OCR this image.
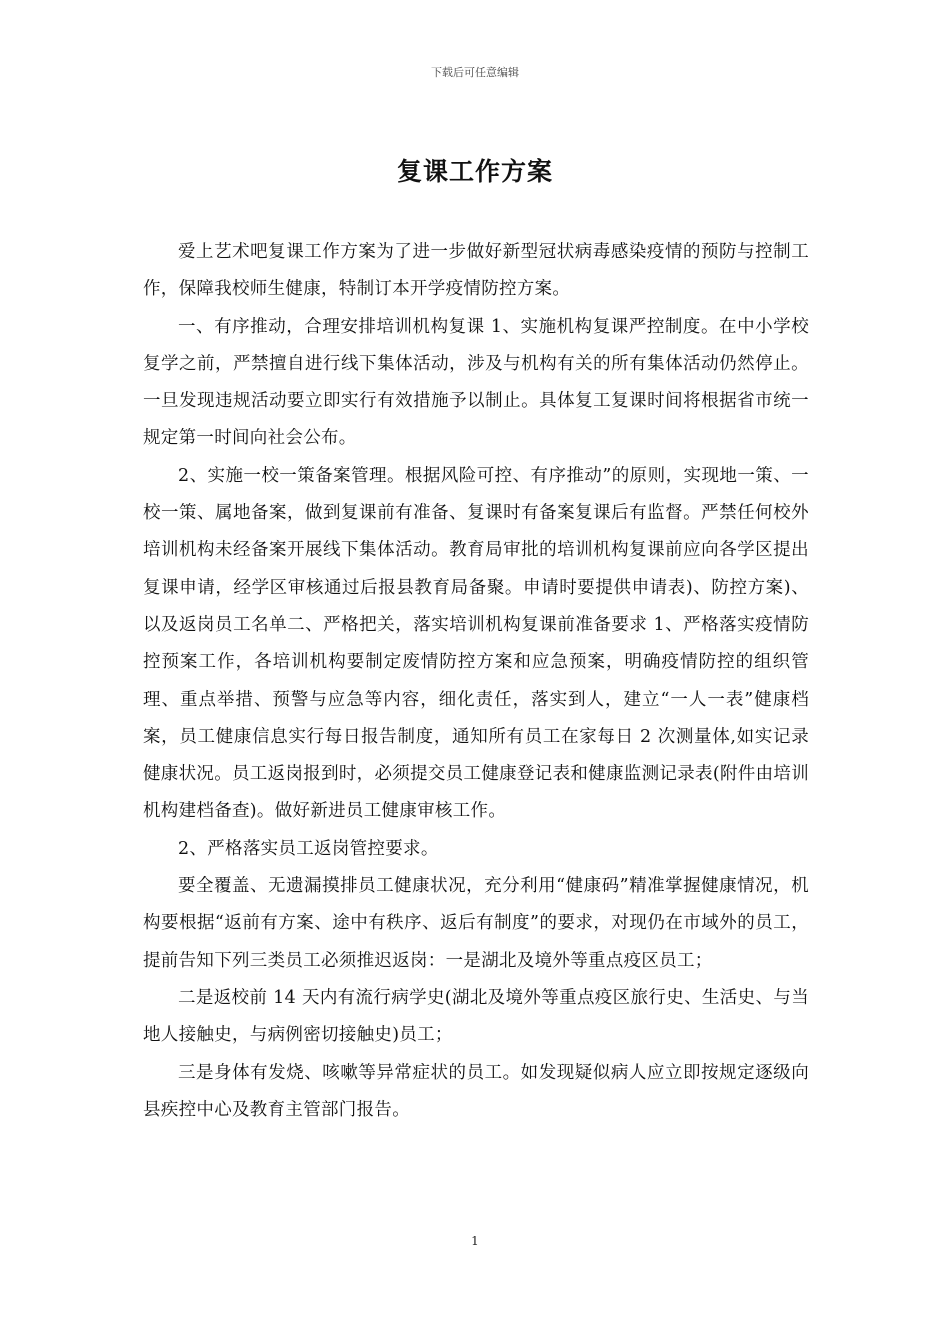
下载后可任意编辑
复课工作方案

爱上艺术吧复课工作方案为了进一步做好新型冠状病毒感染疫情的预防与控制工作，保障我校师生健康，特制订本开学疫情防控方案。

一、有序推动，合理安排培训机构复课 1、实施机构复课严控制度。在中小学校复学之前，严禁擅自进行线下集体活动，涉及与机构有关的所有集体活动仍然停止。一旦发现违规活动要立即实行有效措施予以制止。具体复工复课时间将根据省市统一规定第一时间向社会公布。

2、实施一校一策备案管理。根据风险可控、有序推动”的原则，实现地一策、一校一策、属地备案，做到复课前有准备、复课时有备案复课后有监督。严禁任何校外培训机构未经备案开展线下集体活动。教育局审批的培训机构复课前应向各学区提出复课申请，经学区审核通过后报县教育局备聚。申请时要提供申请表)、防控方案)、以及返岗员工名单二、严格把关，落实培训机构复课前准备要求 1、严格落实疫情防控预案工作，各培训机构要制定废情防控方案和应急预案，明确疫情防控的组织管理、重点举措、预警与应急等内容，细化责任，落实到人，建立“一人一表”健康档案，员工健康信息实行每日报告制度，通知所有员工在家每日 2 次测量体,如实记录健康状况。员工返岗报到时，必须提交员工健康登记表和健康监测记录表(附件由培训机构建档备查)。做好新进员工健康审核工作。

2、严格落实员工返岗管控要求。

要全覆盖、无遗漏摸排员工健康状况，充分利用“健康码”精准掌握健康情况，机构要根据“返前有方案、途中有秩序、返后有制度”的要求，对现仍在市域外的员工，提前告知下列三类员工必须推迟返岗：一是湖北及境外等重点疫区员工；

二是返校前 14 天内有流行病学史(湖北及境外等重点疫区旅行史、生活史、与当地人接触史，与病例密切接触史)员工；

三是身体有发烧、咳嗽等异常症状的员工。如发现疑似病人应立即按规定逐级向县疾控中心及教育主管部门报告。

1
